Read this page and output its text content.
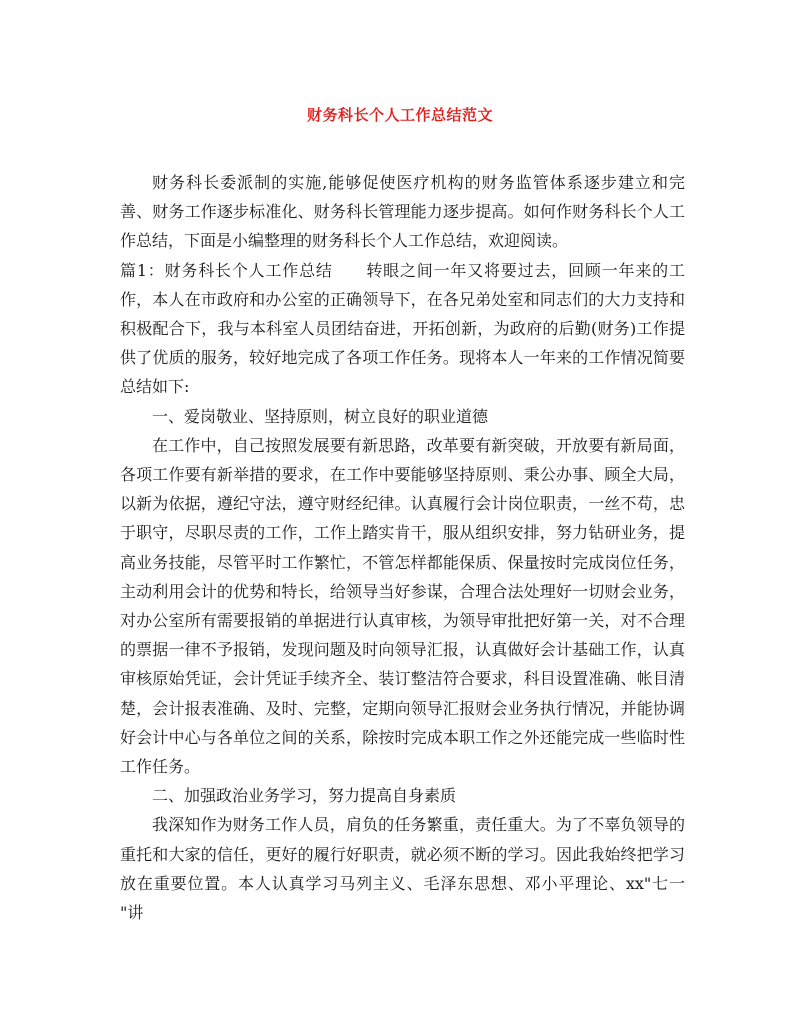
财务科长个人工作总结范文

财务科长委派制的实施,能够促使医疗机构的财务监管体系逐步建立和完善、财务工作逐步标准化、财务科长管理能力逐步提高。如何作财务科长个人工作总结，下面是小编整理的财务科长个人工作总结，欢迎阅读。

篇1：财务科长个人工作总结　　转眼之间一年又将要过去，回顾一年来的工作，本人在市政府和办公室的正确领导下，在各兄弟处室和同志们的大力支持和积极配合下，我与本科室人员团结奋进，开拓创新，为政府的后勤(财务)工作提供了优质的服务，较好地完成了各项工作任务。现将本人一年来的工作情况简要总结如下:

一、爱岗敬业、坚持原则，树立良好的职业道德

在工作中，自己按照发展要有新思路，改革要有新突破，开放要有新局面，各项工作要有新举措的要求，在工作中要能够坚持原则、秉公办事、顾全大局，以新为依据，遵纪守法，遵守财经纪律。认真履行会计岗位职责，一丝不苟，忠于职守，尽职尽责的工作，工作上踏实肯干，服从组织安排，努力钻研业务，提高业务技能，尽管平时工作繁忙，不管怎样都能保质、保量按时完成岗位任务，主动利用会计的优势和特长，给领导当好参谋，合理合法处理好一切财会业务，对办公室所有需要报销的单据进行认真审核，为领导审批把好第一关，对不合理的票据一律不予报销，发现问题及时向领导汇报，认真做好会计基础工作，认真审核原始凭证，会计凭证手续齐全、装订整洁符合要求，科目设置准确、帐目清楚，会计报表准确、及时、完整，定期向领导汇报财会业务执行情况，并能协调好会计中心与各单位之间的关系，除按时完成本职工作之外还能完成一些临时性工作任务。

二、加强政治业务学习，努力提高自身素质

我深知作为财务工作人员，肩负的任务繁重，责任重大。为了不辜负领导的重托和大家的信任，更好的履行好职责，就必须不断的学习。因此我始终把学习放在重要位置。本人认真学习马列主义、毛泽东思想、邓小平理论、xx"七一 "讲
